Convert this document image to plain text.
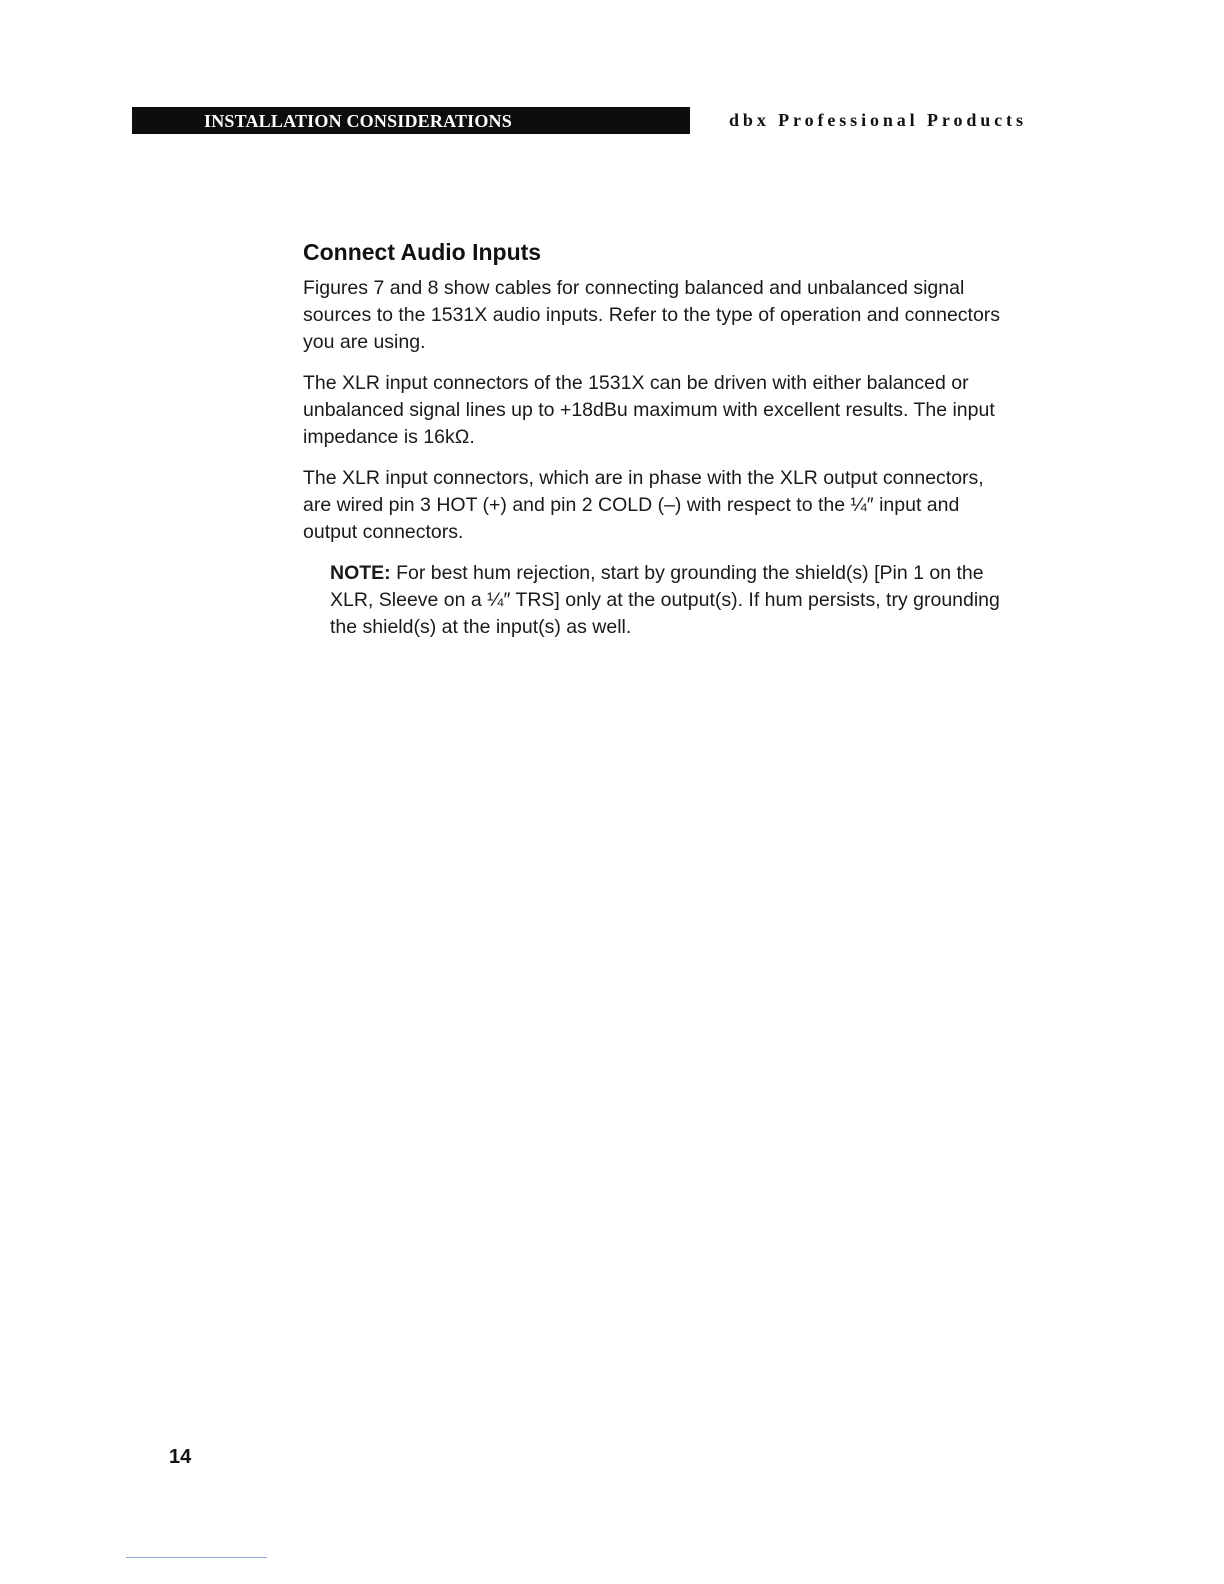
INSTALLATION CONSIDERATIONS	dbx Professional Products
Connect Audio Inputs

Figures 7 and 8 show cables for connecting balanced and unbalanced signal sources to the 1531X audio inputs. Refer to the type of operation and connectors you are using.

The XLR input connectors of the 1531X can be driven with either balanced or unbalanced signal lines up to +18dBu maximum with excellent results. The input impedance is 16kΩ.

The XLR input connectors, which are in phase with the XLR output connectors, are wired pin 3 HOT (+) and pin 2 COLD (–) with respect to the ¼″ input and output connectors.

NOTE: For best hum rejection, start by grounding the shield(s) [Pin 1 on the XLR, Sleeve on a ¼″ TRS] only at the output(s). If hum persists, try grounding the shield(s) at the input(s) as well.

14
